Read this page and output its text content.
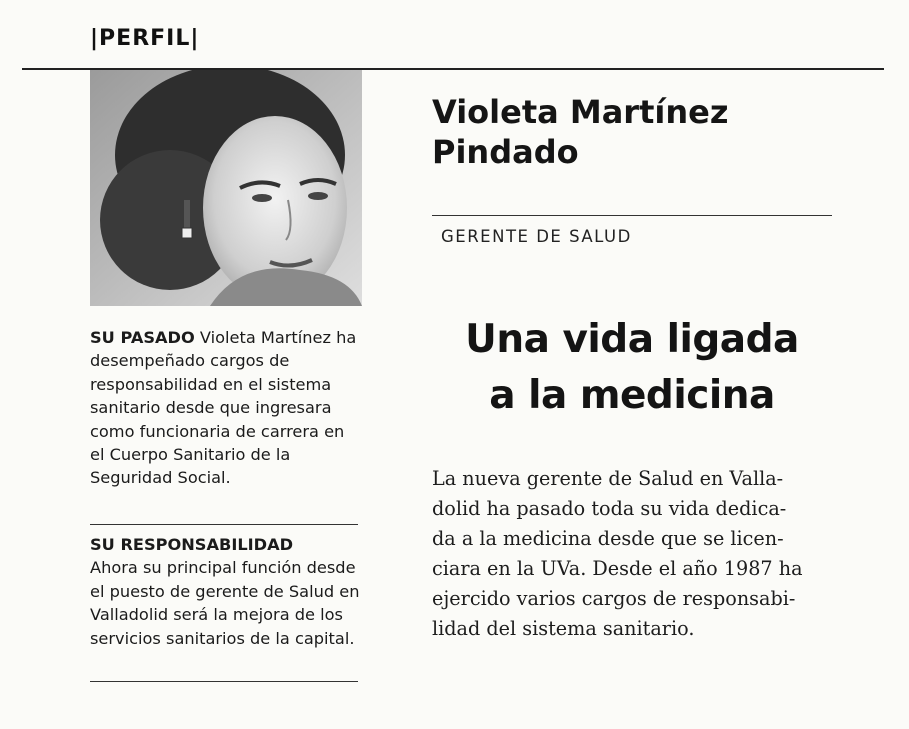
|PERFIL|
SU PASADO Violeta Martínez ha desempeñado cargos de responsabilidad en el sistema sanitario desde que ingresara como funcionaria de carrera en el Cuerpo Sanitario de la Seguridad Social.
SU RESPONSABILIDAD
Ahora su principal función desde el puesto de gerente de Salud en Valladolid será la mejora de los servicios sanitarios de la capital.
Violeta Martínez
Pindado
GERENTE DE SALUD
Una vida ligada
a la medicina
La nueva gerente de Salud en Valla-
dolid ha pasado toda su vida dedica-
da a la medicina desde que se licen-
ciara en la UVa. Desde el año 1987 ha
ejercido varios cargos de responsabi-
lidad del sistema sanitario.
